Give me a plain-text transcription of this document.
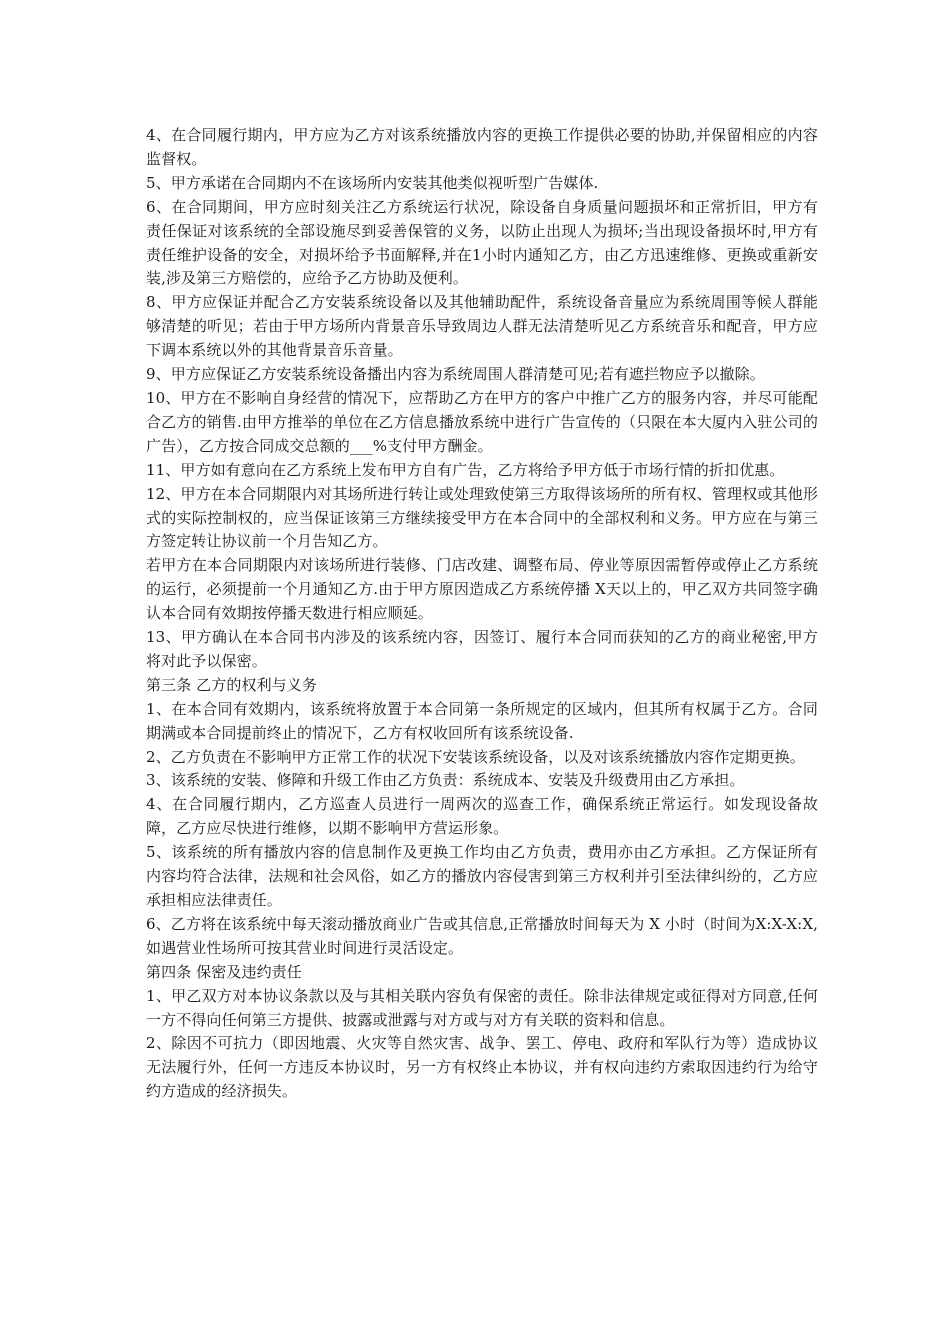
4、在合同履行期内，甲方应为乙方对该系统播放内容的更换工作提供必要的协助,并保留相应的内容监督权。

5、甲方承诺在合同期内不在该场所内安装其他类似视听型广告媒体.

6、在合同期间，甲方应时刻关注乙方系统运行状况，除设备自身质量问题损坏和正常折旧，甲方有责任保证对该系统的全部设施尽到妥善保管的义务，以防止出现人为损坏;当出现设备损坏时,甲方有责任维护设备的安全，对损坏给予书面解释,并在1小时内通知乙方，由乙方迅速维修、更换或重新安装,涉及第三方赔偿的，应给予乙方协助及便利。

8、甲方应保证并配合乙方安装系统设备以及其他辅助配件，系统设备音量应为系统周围等候人群能够清楚的听见；若由于甲方场所内背景音乐导致周边人群无法清楚听见乙方系统音乐和配音，甲方应下调本系统以外的其他背景音乐音量。

9、甲方应保证乙方安装系统设备播出内容为系统周围人群清楚可见;若有遮拦物应予以撤除。

10、甲方在不影响自身经营的情况下，应帮助乙方在甲方的客户中推广乙方的服务内容，并尽可能配合乙方的销售.由甲方推举的单位在乙方信息播放系统中进行广告宣传的（只限在本大厦内入驻公司的广告），乙方按合同成交总额的___%支付甲方酬金。

11、甲方如有意向在乙方系统上发布甲方自有广告，乙方将给予甲方低于市场行情的折扣优惠。

12、甲方在本合同期限内对其场所进行转让或处理致使第三方取得该场所的所有权、管理权或其他形式的实际控制权的，应当保证该第三方继续接受甲方在本合同中的全部权利和义务。甲方应在与第三方签定转让协议前一个月告知乙方。

若甲方在本合同期限内对该场所进行装修、门店改建、调整布局、停业等原因需暂停或停止乙方系统的运行，必须提前一个月通知乙方.由于甲方原因造成乙方系统停播 X天以上的，甲乙双方共同签字确认本合同有效期按停播天数进行相应顺延。

13、甲方确认在本合同书内涉及的该系统内容，因签订、履行本合同而获知的乙方的商业秘密,甲方将对此予以保密。

第三条 乙方的权利与义务

1、在本合同有效期内，该系统将放置于本合同第一条所规定的区域内，但其所有权属于乙方。合同期满或本合同提前终止的情况下，乙方有权收回所有该系统设备.

2、乙方负责在不影响甲方正常工作的状况下安装该系统设备，以及对该系统播放内容作定期更换。

3、该系统的安装、修障和升级工作由乙方负责：系统成本、安装及升级费用由乙方承担。

4、在合同履行期内，乙方巡查人员进行一周两次的巡查工作，确保系统正常运行。如发现设备故障，乙方应尽快进行维修，以期不影响甲方营运形象。

5、该系统的所有播放内容的信息制作及更换工作均由乙方负责，费用亦由乙方承担。乙方保证所有内容均符合法律，法规和社会风俗，如乙方的播放内容侵害到第三方权利并引至法律纠纷的，乙方应承担相应法律责任。

6、乙方将在该系统中每天滚动播放商业广告或其信息,正常播放时间每天为 X 小时（时间为X:X-X:X,如遇营业性场所可按其营业时间进行灵活设定。

第四条 保密及违约责任

1、甲乙双方对本协议条款以及与其相关联内容负有保密的责任。除非法律规定或征得对方同意,任何一方不得向任何第三方提供、披露或泄露与对方或与对方有关联的资料和信息。

2、除因不可抗力（即因地震、火灾等自然灾害、战争、罢工、停电、政府和军队行为等）造成协议无法履行外，任何一方违反本协议时，另一方有权终止本协议，并有权向违约方索取因违约行为给守约方造成的经济损失。
